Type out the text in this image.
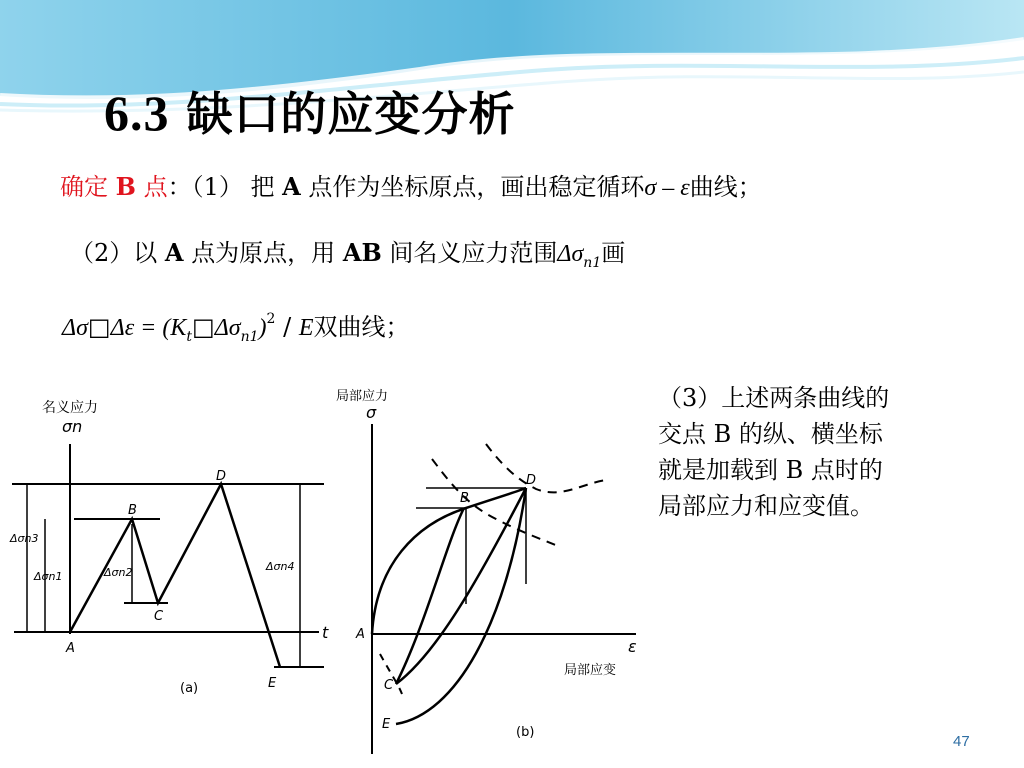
6.3 缺口的应变分析
确定 B 点：（1） 把 A 点作为坐标原点，画出稳定循环σ – ε曲线；
（2）以 A 点为原点，用 AB 间名义应力范围$\Delta\sigma_{n1}$画
Δσ□Δε = $(K_t□\Delta\sigma_{n1})^2$ / E双曲线；
（3）上述两条曲线的
交点 B 的纵、横坐标
就是加载到 B 点时的
局部应力和应变值。
名义应力
σn
t
Δσn3
Δσn1	Δσn2	Δσn4
A
B
C
D
E
(a)
局部应力
σ
ε
局部应变
A
B
C
D
E
(b)
47
